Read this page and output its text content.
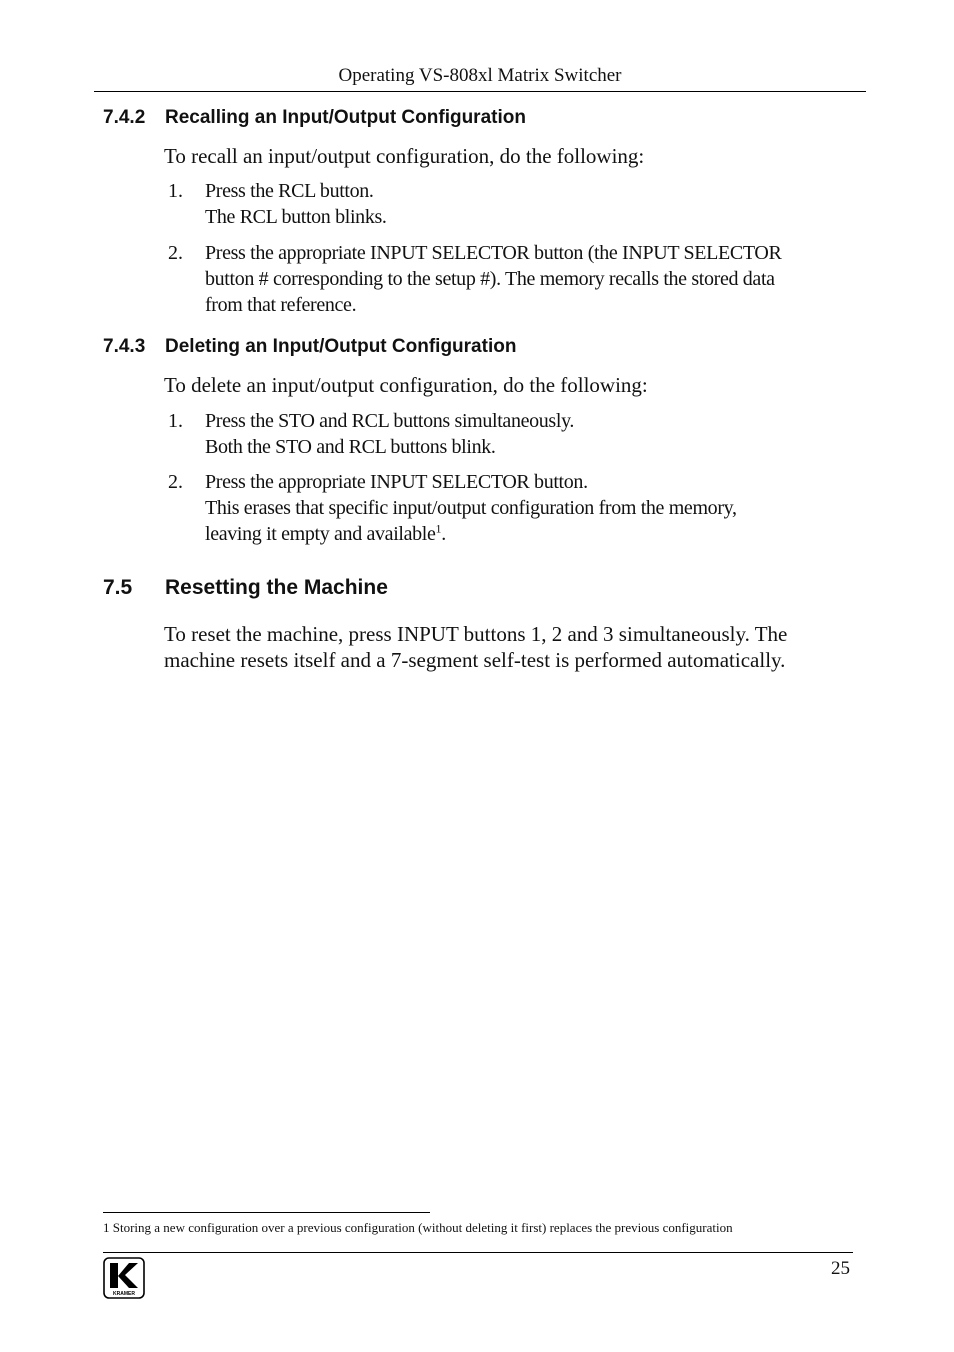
Operating VS-808xl Matrix Switcher
7.4.2 Recalling an Input/Output Configuration
To recall an input/output configuration, do the following:
1. Press the RCL button.
The RCL button blinks.
2. Press the appropriate INPUT SELECTOR button (the INPUT SELECTOR
button # corresponding to the setup #). The memory recalls the stored data
from that reference.
7.4.3 Deleting an Input/Output Configuration
To delete an input/output configuration, do the following:
1. Press the STO and RCL buttons simultaneously.
Both the STO and RCL buttons blink.
2. Press the appropriate INPUT SELECTOR button.
This erases that specific input/output configuration from the memory,
leaving it empty and available$^1$.
7.5 Resetting the Machine
To reset the machine, press INPUT buttons 1, 2 and 3 simultaneously. The
machine resets itself and a 7-segment self-test is performed automatically.
1 Storing a new configuration over a previous configuration (without deleting it first) replaces the previous configuration
KRAMER
25
